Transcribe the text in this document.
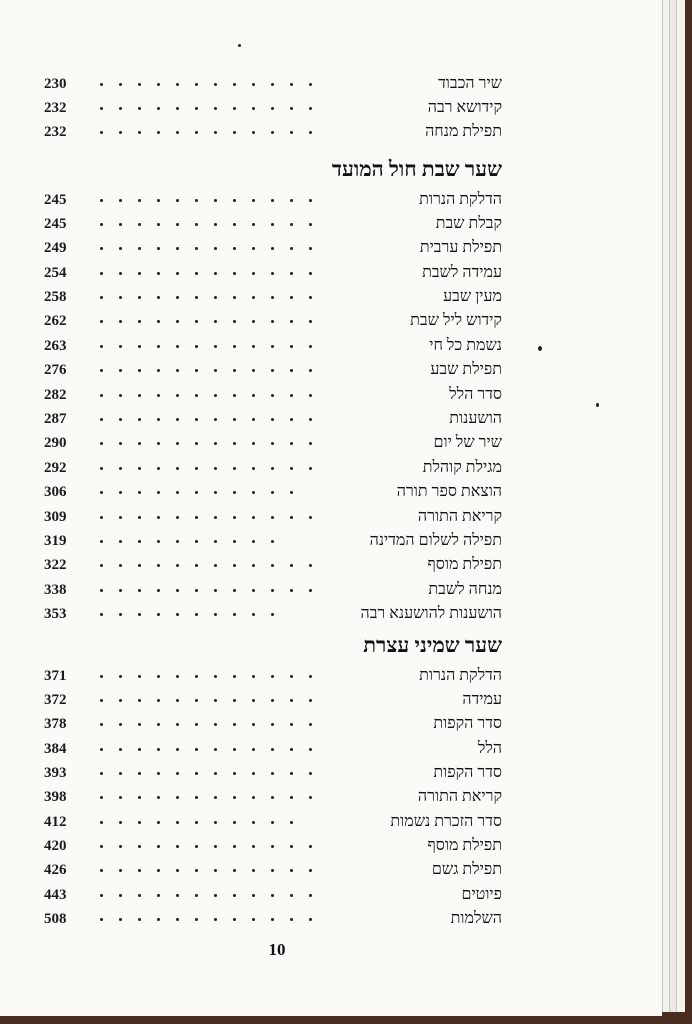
230	שיר הכבוד
232	קידושא רבה
232	תפילת מנחה
שער שבת חול המועד
245	הדלקת הנרות
245	קבלת שבת
249	תפילת ערבית
254	עמידה לשבת
258	מעין שבע
262	קידוש ליל שבת
263	נשמת כל חי
276	תפילת שבע
282	סדר הלל
287	הושענות
290	שיר של יום
292	מגילת קוהלת
306	הוצאת ספר תורה
309	קריאת התורה
319	תפילה לשלום המדינה
322	תפילת מוסף
338	מנחה לשבת
353	הושענות להושענא רבה
שער שמיני עצרת
371	הדלקת הנרות
372	עמידה
378	סדר הקפות
384	הלל
393	סדר הקפות
398	קריאת התורה
412	סדר הזכרת נשמות
420	תפילת מוסף
426	תפילת גשם
443	פיוטים
508	השלמות
10
